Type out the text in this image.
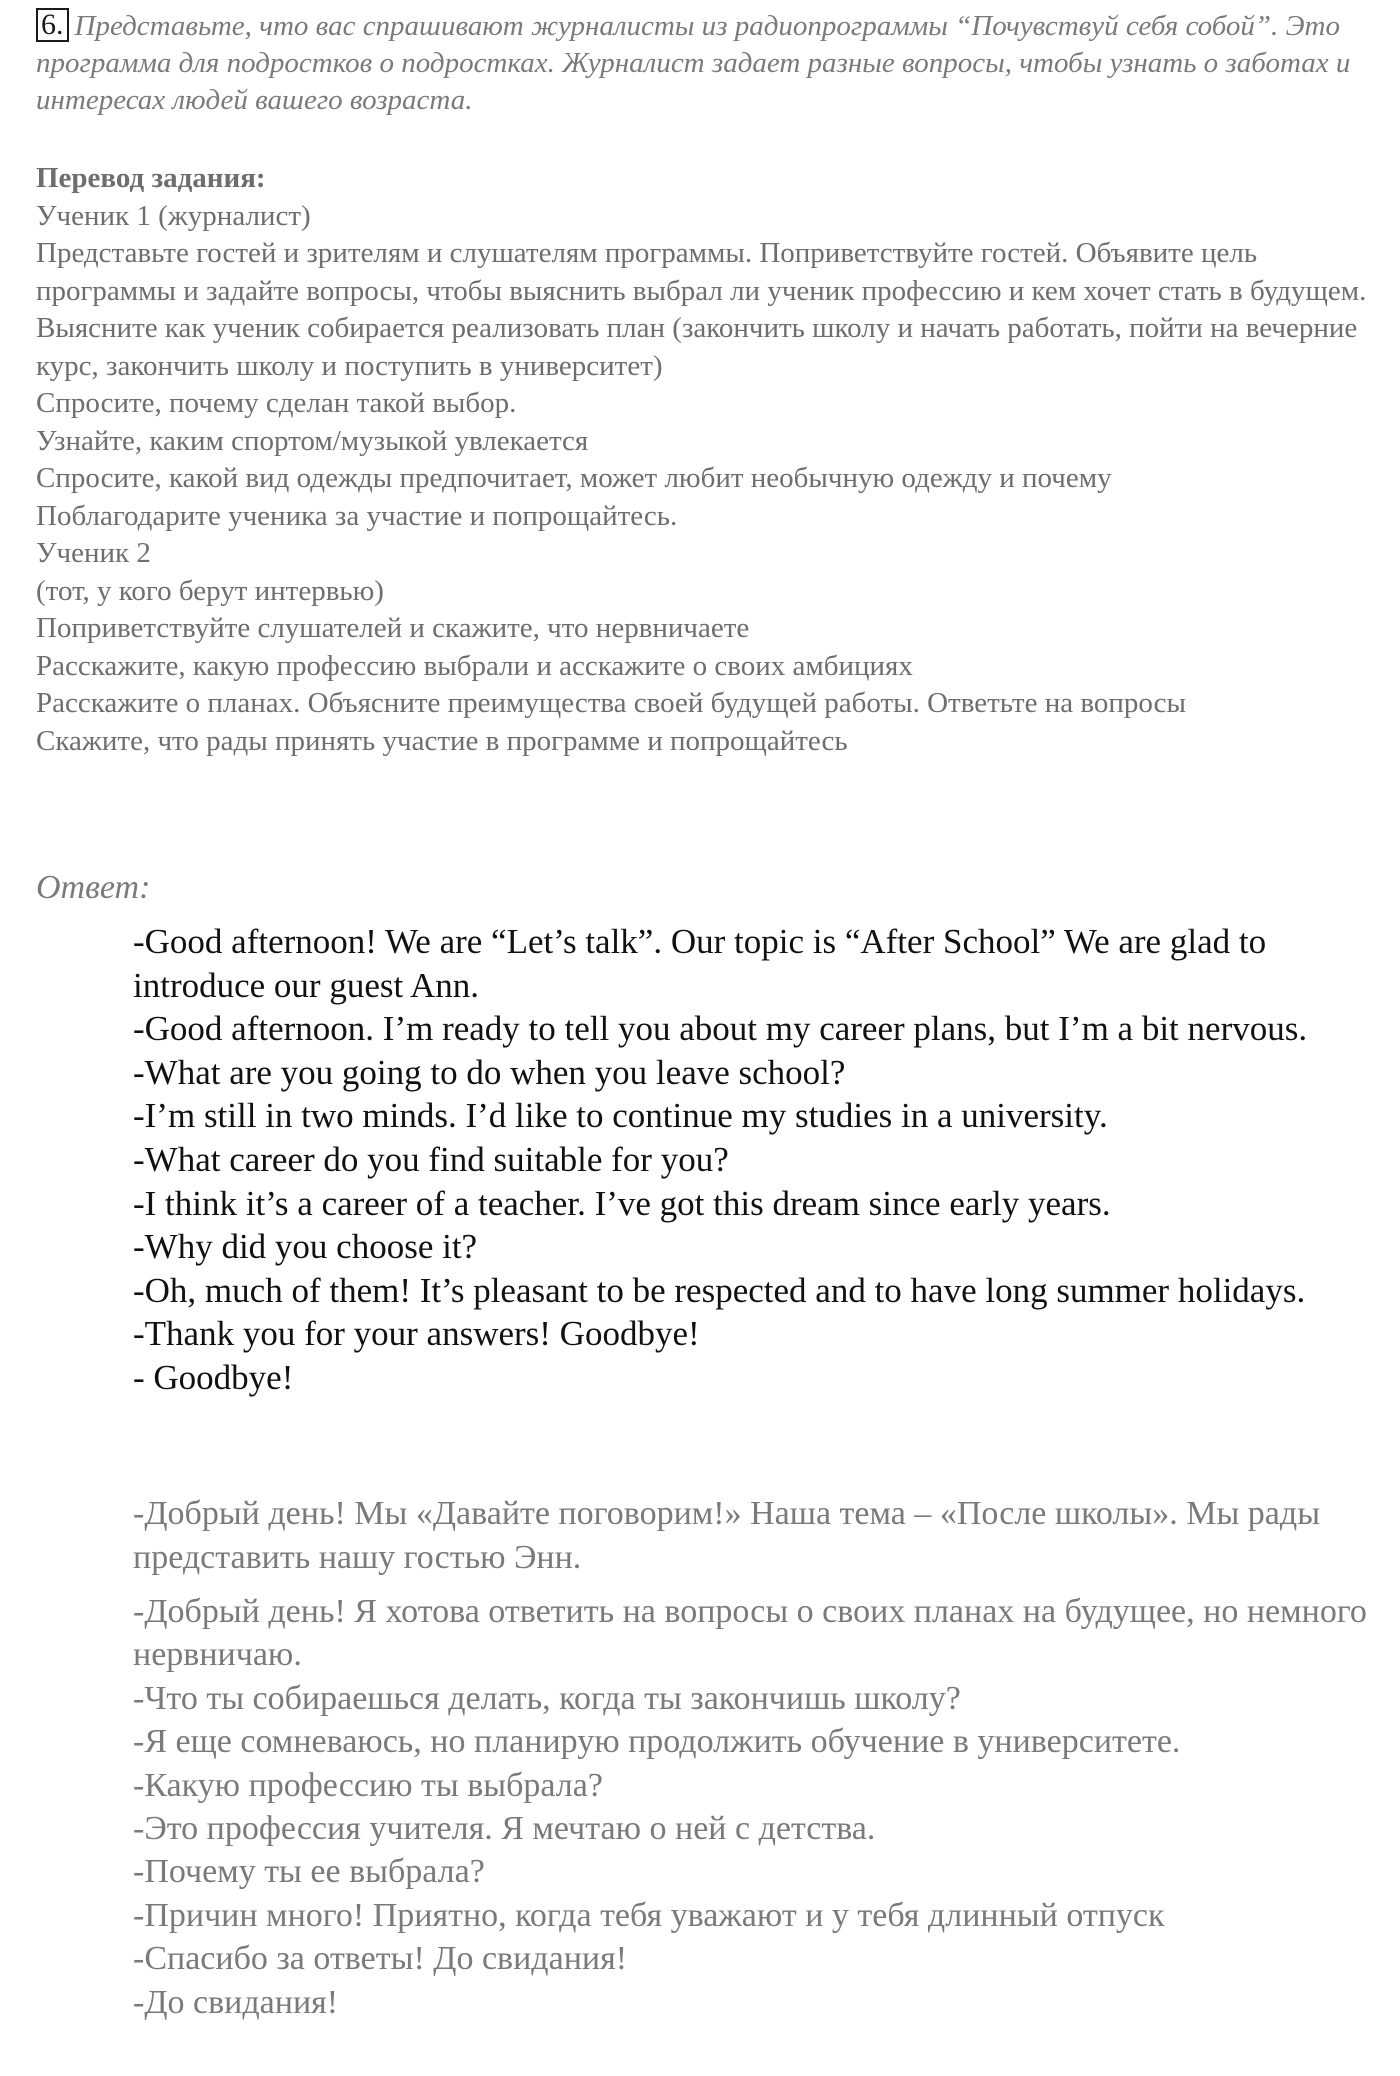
6. Представьте, что вас спрашивают журналисты из радиопрограммы “Почувствуй себя собой”. Это программа для подростков о подростках. Журналист задает разные вопросы, чтобы узнать о заботах и интересах людей вашего возраста.
Перевод задания:
Ученик 1 (журналист)
Представьте гостей и зрителям и слушателям программы. Поприветствуйте гостей. Объявите цель программы и задайте вопросы, чтобы выяснить выбрал ли ученик профессию и кем хочет стать в будущем.
Выясните как ученик собирается реализовать план (закончить школу и начать работать, пойти на вечерние курс, закончить школу и поступить в университет)
Спросите, почему сделан такой выбор.
Узнайте, каким спортом/музыкой увлекается
Спросите, какой вид одежды предпочитает, может любит необычную одежду и почему
Поблагодарите ученика за участие и попрощайтесь.
Ученик 2
(тот, у кого берут интервью)
Поприветствуйте слушателей и скажите, что нервничаете
Расскажите, какую профессию выбрали и асскажите о своих амбициях
Расскажите о планах. Объясните преимущества своей будущей работы. Ответьте на вопросы
Скажите, что рады принять участие в программе и попрощайтесь
Ответ:
-Good afternoon! We are “Let’s talk”. Our topic is “After School” We are glad to introduce our guest Ann.
-Good afternoon. I’m ready to tell you about my career plans, but I’m a bit nervous.
-What are you going to do when you leave school?
-I’m still in two minds. I’d like to continue my studies in a university.
-What career do you find suitable for you?
-I think it’s a career of a teacher. I’ve got this dream since early years.
-Why did you choose it?
-Oh, much of them! It’s pleasant to be respected and to have long summer holidays.
-Thank you for your answers! Goodbye!
- Goodbye!
-Добрый день! Мы «Давайте поговорим!» Наша тема – «После школы». Мы рады представить нашу гостью Энн.
-Добрый день! Я хотова ответить на вопросы о своих планах на будущее, но немного нервничаю.
-Что ты собираешься делать, когда ты закончишь школу?
-Я еще сомневаюсь, но планирую продолжить обучение в университете.
-Какую профессию ты выбрала?
-Это профессия учителя. Я мечтаю о ней с детства.
-Почему ты ее выбрала?
-Причин много! Приятно, когда тебя уважают и у тебя длинный отпуск
-Спасибо за ответы! До свидания!
-До свидания!
